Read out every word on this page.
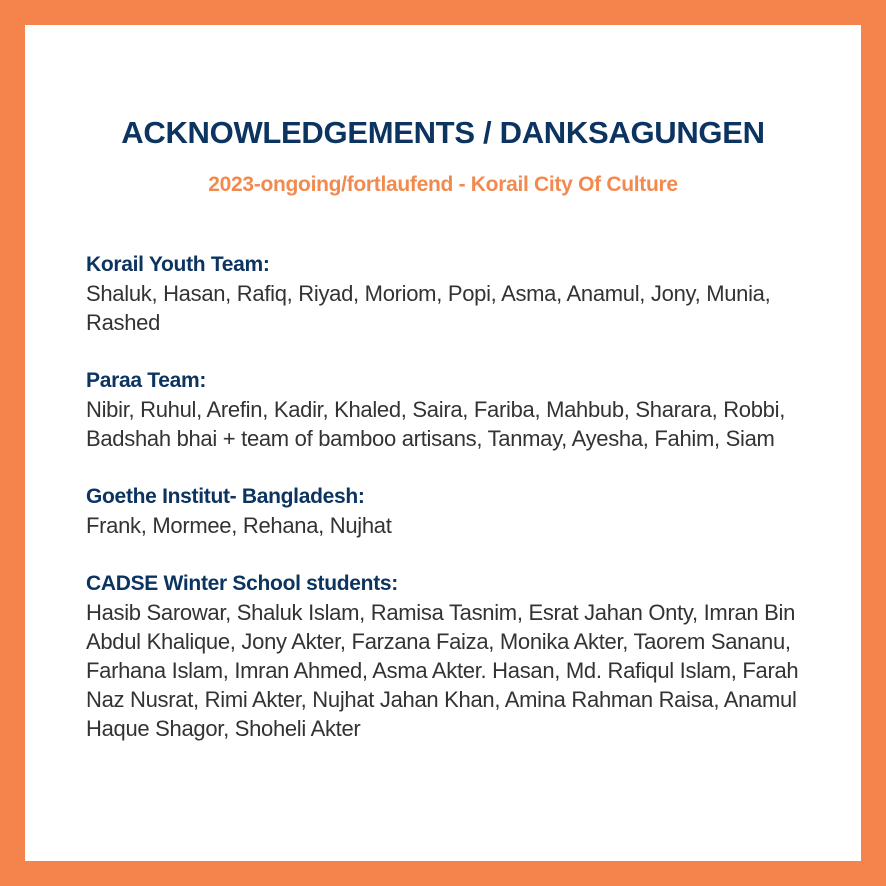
ACKNOWLEDGEMENTS / DANKSAGUNGEN
2023-ongoing/fortlaufend - Korail City Of Culture
Korail Youth Team:
Shaluk, Hasan, Rafiq, Riyad, Moriom, Popi, Asma, Anamul, Jony, Munia, Rashed
Paraa Team:
Nibir, Ruhul, Arefin, Kadir, Khaled, Saira, Fariba, Mahbub, Sharara, Robbi, Badshah bhai + team of bamboo artisans, Tanmay, Ayesha, Fahim, Siam
Goethe Institut- Bangladesh:
Frank, Mormee, Rehana, Nujhat
CADSE Winter School students:
Hasib Sarowar, Shaluk Islam, Ramisa Tasnim, Esrat Jahan Onty, Imran Bin Abdul Khalique, Jony Akter, Farzana Faiza, Monika Akter, Taorem Sananu, Farhana Islam, Imran Ahmed, Asma Akter. Hasan, Md. Rafiqul Islam, Farah Naz Nusrat, Rimi Akter, Nujhat Jahan Khan, Amina Rahman Raisa, Anamul Haque Shagor, Shoheli Akter
